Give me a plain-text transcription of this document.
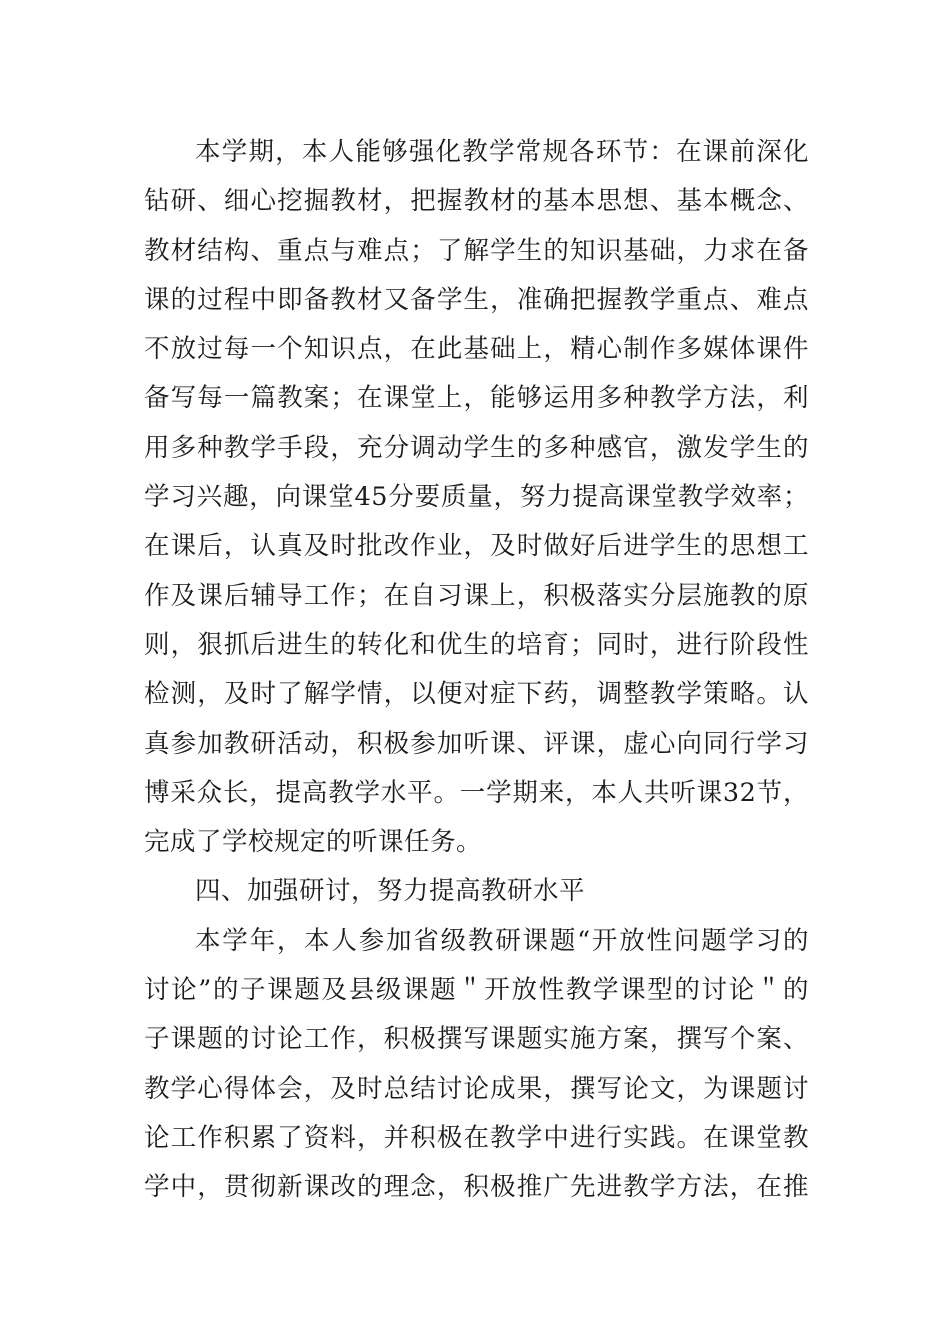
本学期，本人能够强化教学常规各环节：在课前深化
钻研、细心挖掘教材，把握教材的基本思想、基本概念、
教材结构、重点与难点；了解学生的知识基础，力求在备
课的过程中即备教材又备学生，准确把握教学重点、难点
不放过每一个知识点，在此基础上，精心制作多媒体课件
备写每一篇教案；在课堂上，能够运用多种教学方法，利
用多种教学手段，充分调动学生的多种感官，激发学生的
学习兴趣，向课堂45分要质量，努力提高课堂教学效率；
在课后，认真及时批改作业，及时做好后进学生的思想工
作及课后辅导工作；在自习课上，积极落实分层施教的原
则，狠抓后进生的转化和优生的培育；同时，进行阶段性
检测，及时了解学情，以便对症下药，调整教学策略。认
真参加教研活动，积极参加听课、评课，虚心向同行学习
博采众长，提高教学水平。一学期来，本人共听课32节，
完成了学校规定的听课任务。

四、加强研讨，努力提高教研水平

本学年，本人参加省级教研课题“开放性问题学习的
讨论”的子课题及县级课题＂开放性教学课型的讨论＂的
子课题的讨论工作，积极撰写课题实施方案，撰写个案、
教学心得体会，及时总结讨论成果，撰写论文，为课题讨
论工作积累了资料，并积极在教学中进行实践。在课堂教
学中，贯彻新课改的理念，积极推广先进教学方法，在推
